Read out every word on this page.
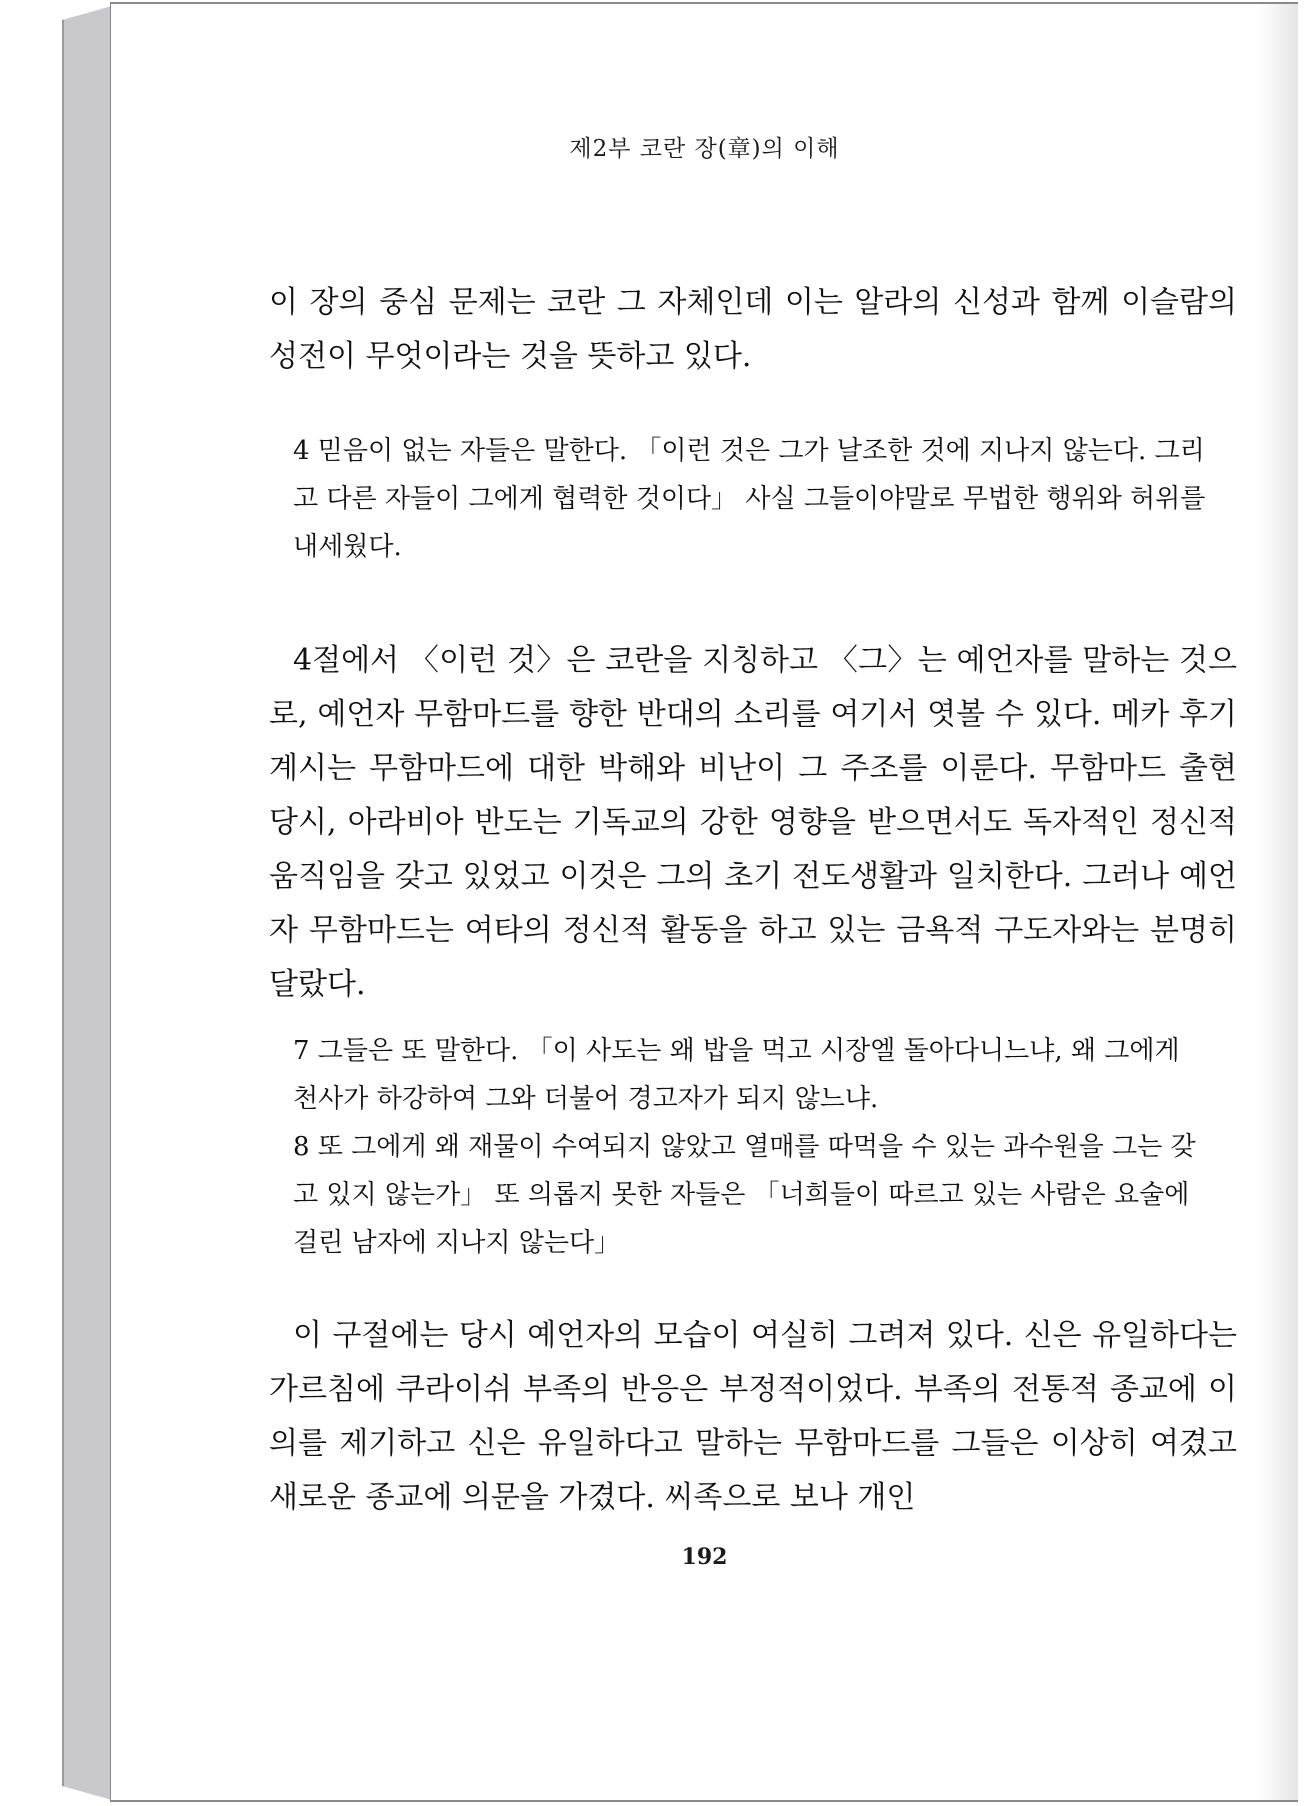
제2부 코란 장(章)의 이해

이 장의 중심 문제는 코란 그 자체인데 이는 알라의 신성과 함께 이슬람의 성전이 무엇이라는 것을 뜻하고 있다.

4 믿음이 없는 자들은 말한다. 「이런 것은 그가 날조한 것에 지나지 않는다. 그리고 다른 자들이 그에게 협력한 것이다」 사실 그들이야말로 무법한 행위와 허위를 내세웠다.

4절에서 〈이런 것〉은 코란을 지칭하고 〈그〉는 예언자를 말하는 것으로, 예언자 무함마드를 향한 반대의 소리를 여기서 엿볼 수 있다. 메카 후기 계시는 무함마드에 대한 박해와 비난이 그 주조를 이룬다. 무함마드 출현 당시, 아라비아 반도는 기독교의 강한 영향을 받으면서도 독자적인 정신적 움직임을 갖고 있었고 이것은 그의 초기 전도생활과 일치한다. 그러나 예언자 무함마드는 여타의 정신적 활동을 하고 있는 금욕적 구도자와는 분명히 달랐다.

7 그들은 또 말한다. 「이 사도는 왜 밥을 먹고 시장엘 돌아다니느냐, 왜 그에게 천사가 하강하여 그와 더불어 경고자가 되지 않느냐.

8 또 그에게 왜 재물이 수여되지 않았고 열매를 따먹을 수 있는 과수원을 그는 갖고 있지 않는가」 또 의롭지 못한 자들은 「너희들이 따르고 있는 사람은 요술에 걸린 남자에 지나지 않는다」

이 구절에는 당시 예언자의 모습이 여실히 그려져 있다. 신은 유일하다는 가르침에 쿠라이쉬 부족의 반응은 부정적이었다. 부족의 전통적 종교에 이의를 제기하고 신은 유일하다고 말하는 무함마드를 그들은 이상히 여겼고 새로운 종교에 의문을 가겼다. 씨족으로 보나 개인

192
